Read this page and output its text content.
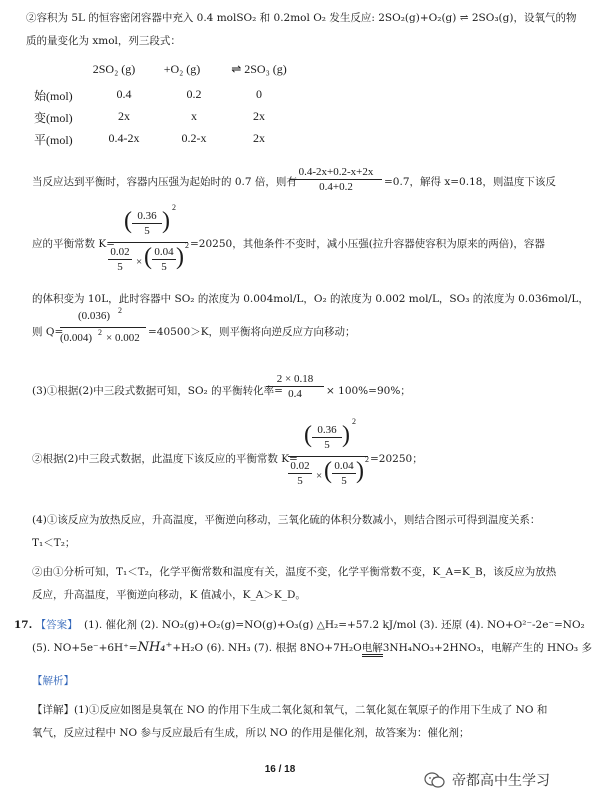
②容积为 5L 的恒容密闭容器中充入 0.4 molSO₂ 和 0.2mol O₂ 发生反应: 2SO₂(g)+O₂(g) ⇌ 2SO₃(g)，设氧气的物
质的量变化为 xmol，列三段式：
2SO₂ (g)	+O₂ (g)	⇌ 2SO₃ (g)
始(mol)	0.4	0.2	0
变(mol)	2x	x	2x
平(mol)	0.4-2x	0.2-x	2x
当反应达到平衡时，容器内压强为起始时的 0.7 倍，则有
0.4-2x+0.2-x+2x
0.4+0.2	=0.7，解得 x=0.18，则温度下该反
应的平衡常数 K=
( 0.36
5 )
2
0.02
5	× ( 0.04
5 ) 2 =20250，其他条件不变时，减小压强(拉升容器使容积为原来的两倍)，容器
的体积变为 10L，此时容器中 SO₂ 的浓度为 0.004mol/L，O₂ 的浓度为 0.002 mol/L，SO₃ 的浓度为 0.036mol/L，
则 Q=
(0.036) 2
(0.004) 2 × 0.002 =40500＞K，则平衡将向逆反应方向移动；
(3)①根据(2)中三段式数据可知，SO₂ 的平衡转化率=
2 × 0.18
0.4	× 100%=90%；
②根据(2)中三段式数据，此温度下该反应的平衡常数 K=
( 0.36
5 )
2
0.02
5	× ( 0.04
5 ) 2 =20250；
(4)①该反应为放热反应，升高温度，平衡逆向移动，三氧化硫的体积分数减小，则结合图示可得到温度关系：
T₁＜T₂；
②由①分析可知，T₁＜T₂，化学平衡常数和温度有关，温度不变，化学平衡常数不变，K_A=K_B，该反应为放热
反应，升高温度，平衡逆向移动，K 值减小，K_A＞K_D。
17. 【答案】 (1). 催化剂 (2). NO₂(g)+O₂(g)=NO(g)+O₃(g) △H₂=+57.2 kJ/mol (3). 还原 (4). NO+O²⁻-2e⁻=NO₂
(5). NO+5e⁻+6H⁺=NH₄⁺+H₂O (6). NH₃ (7). 根据 8NO+7H₂O电解3NH₄NO₃+2HNO₃，电解产生的 HNO₃ 多
【解析】
【详解】(1)①反应如图是臭氧在 NO 的作用下生成二氧化氮和氧气，二氧化氮在氧原子的作用下生成了 NO 和
氧气，反应过程中 NO 参与反应最后有生成，所以 NO 的作用是催化剂，故答案为：催化剂；
16 / 18
帝都高中生学习
